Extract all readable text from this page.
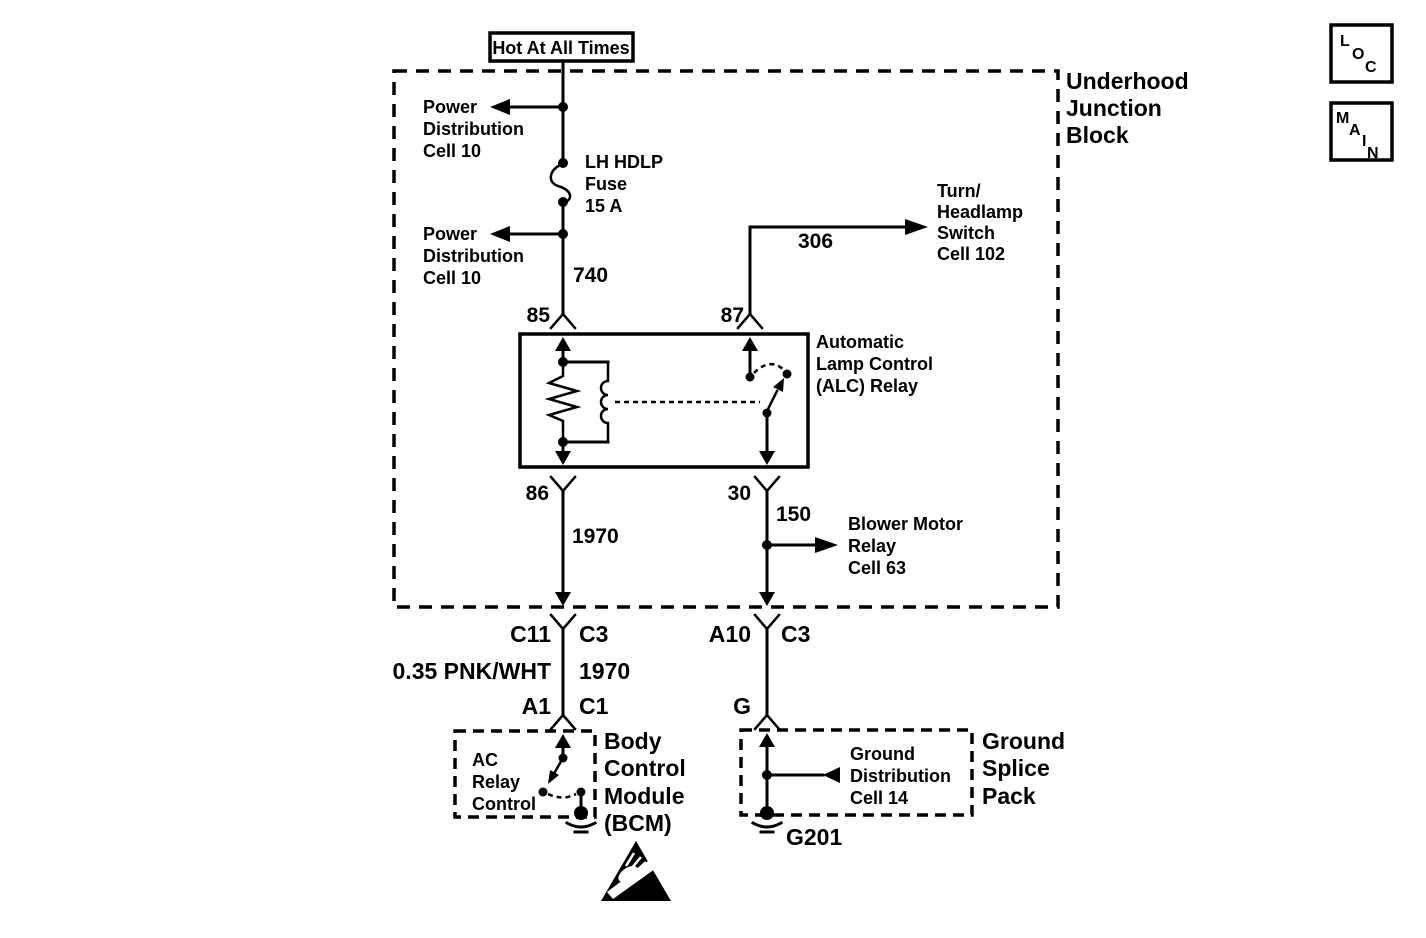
Hot At All Times
Underhood
Junction
Block
Power
Distribution
Cell 10
Power
Distribution
Cell 10
LH HDLP
Fuse
15 A
740
85	87
306
Turn/
Headlamp
Switch
Cell 102
Automatic
Lamp Control
(ALC) Relay
86
1970
30
150 Blower Motor
Relay
Cell 63
C11 C3
0.35 PNK/WHT 1970
A1 C1
A10 C3
G
AC
Relay
Control
Body
Control
Module
(BCM)
Ground
Distribution
Cell 14
G201
Ground
Splice
Pack
L
O
C
M
A
I
N
